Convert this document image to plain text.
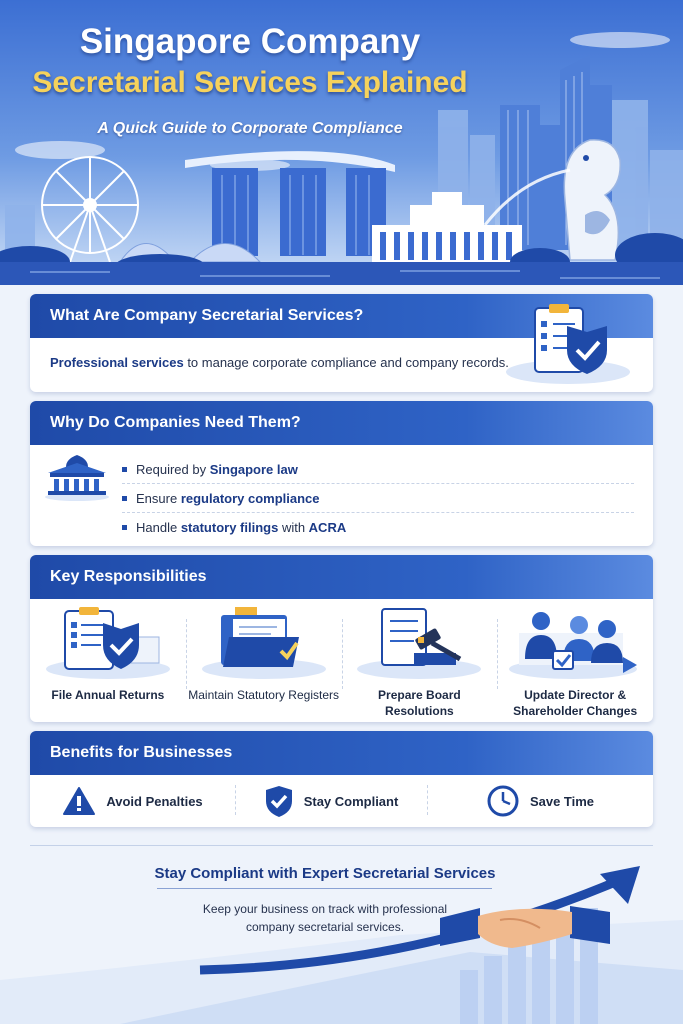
Singapore Company
Secretarial Services Explained
A Quick Guide to Corporate Compliance
What Are Company Secretarial Services?
Professional services to manage corporate compliance and company records.
Why Do Companies Need Them?
Required by Singapore law
Ensure regulatory compliance
Handle statutory filings with ACRA
Key Responsibilities
File Annual Returns	Maintain Statutory Registers	Prepare Board
Resolutions
Update Director &
Shareholder Changes
Benefits for Businesses
Avoid Penalties	Stay Compliant	Save Time
Stay Compliant with Expert Secretarial Services
Keep your business on track with professional
company secretarial services.
